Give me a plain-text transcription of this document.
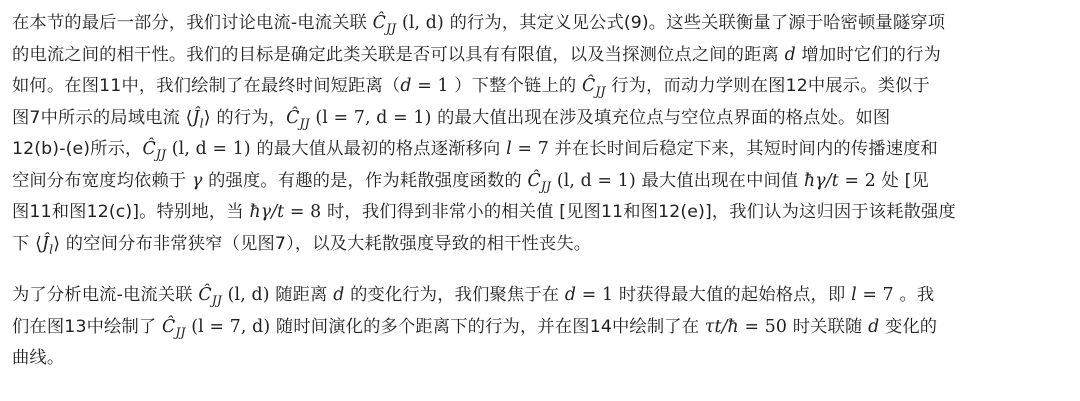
在本节的最后一部分，我们讨论电流-电流关联 $Ĉ_{JJ}$ (l, d) 的行为，其定义见公式(9)。这些关联衡量了源于哈密顿量隧穿项
的电流之间的相干性。我们的目标是确定此类关联是否可以具有有限值，以及当探测位点之间的距离 d 增加时它们的行为
如何。在图11中，我们绘制了在最终时间短距离（d = 1 ）下整个链上的 $Ĉ_{JJ}$ 行为，而动力学则在图12中展示。类似于
图7中所示的局域电流 $⟨Ĵ_l⟩$ 的行为，$Ĉ_{JJ}$ (l = 7, d = 1) 的最大值出现在涉及填充位点与空位点界面的格点处。如图
12(b)-(e)所示，$Ĉ_{JJ}$ (l, d = 1) 的最大值从最初的格点逐渐移向 l = 7 并在长时间后稳定下来，其短时间内的传播速度和
空间分布宽度均依赖于 γ 的强度。有趣的是，作为耗散强度函数的 $Ĉ_{JJ}$ (l, d = 1) 最大值出现在中间值 ħγ/t = 2 处 [见
图11和图12(c)]。特别地，当 ħγ/t = 8 时，我们得到非常小的相关值 [见图11和图12(e)]，我们认为这归因于该耗散强度
下 $⟨Ĵ_l⟩$ 的空间分布非常狭窄（见图7），以及大耗散强度导致的相干性丧失。

为了分析电流-电流关联 $Ĉ_{JJ}$ (l, d) 随距离 d 的变化行为，我们聚焦于在 d = 1 时获得最大值的起始格点，即 l = 7 。我
们在图13中绘制了 $Ĉ_{JJ}$ (l = 7, d) 随时间演化的多个距离下的行为，并在图14中绘制了在 τt/ħ = 50 时关联随 d 变化的
曲线。
